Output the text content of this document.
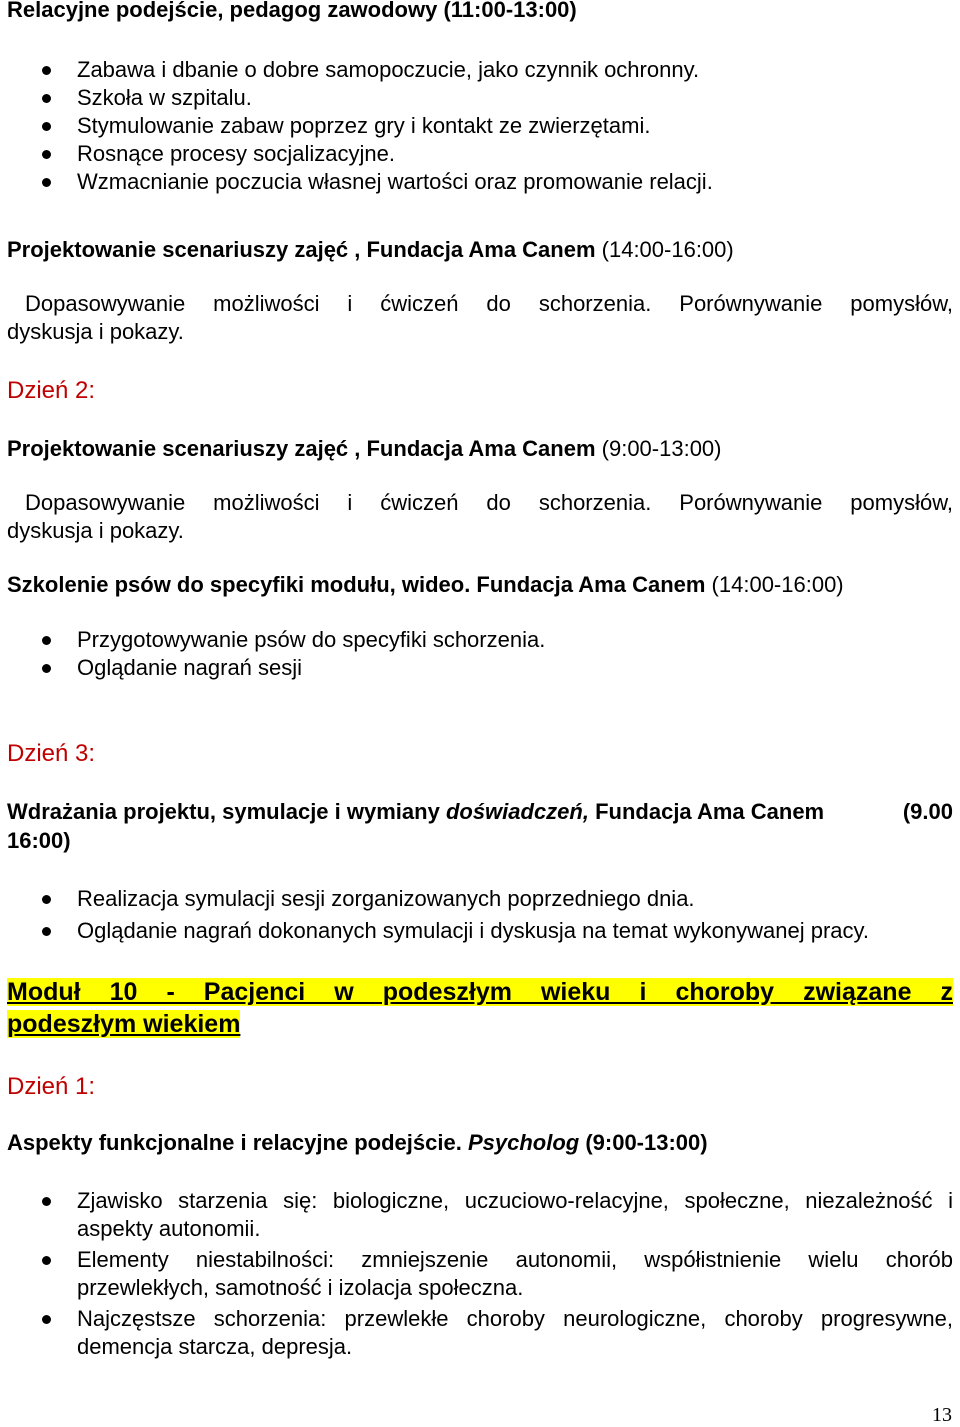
Relacyjne podejście, pedagog zawodowy (11:00-13:00)
Zabawa i dbanie o dobre samopoczucie, jako czynnik ochronny.
Szkoła w szpitalu.
Stymulowanie zabaw poprzez gry i kontakt ze zwierzętami.
Rosnące procesy socjalizacyjne.
Wzmacnianie poczucia własnej wartości oraz promowanie relacji.
Projektowanie scenariuszy zajęć , Fundacja Ama Canem (14:00-16:00)
Dopasowywanie możliwości i ćwiczeń do schorzenia. Porównywanie pomysłów,
dyskusja i pokazy.
Dzień 2:
Projektowanie scenariuszy zajęć , Fundacja Ama Canem (9:00-13:00)
Dopasowywanie możliwości i ćwiczeń do schorzenia. Porównywanie pomysłów,
dyskusja i pokazy.
Szkolenie psów do specyfiki modułu, wideo. Fundacja Ama Canem (14:00-16:00)
Przygotowywanie psów do specyfiki schorzenia.
Oglądanie nagrań sesji
Dzień 3:
Wdrażania projektu, symulacje i wymiany doświadczeń, Fundacja Ama Canem	(9.00
16:00)
Realizacja symulacji sesji zorganizowanych poprzedniego dnia.
Oglądanie nagrań dokonanych symulacji i dyskusja na temat wykonywanej pracy.
Moduł 10 - Pacjenci w podeszłym wieku i choroby związane z
podeszłym wiekiem
Dzień 1:
Aspekty funkcjonalne i relacyjne podejście. Psycholog (9:00-13:00)
Zjawisko starzenia się: biologiczne, uczuciowo-relacyjne, społeczne, niezależność i
aspekty autonomii.
Elementy niestabilności: zmniejszenie autonomii, współistnienie wielu chorób
przewlekłych, samotność i izolacja społeczna.
Najczęstsze schorzenia: przewlekłe choroby neurologiczne, choroby progresywne,
demencja starcza, depresja.
13
